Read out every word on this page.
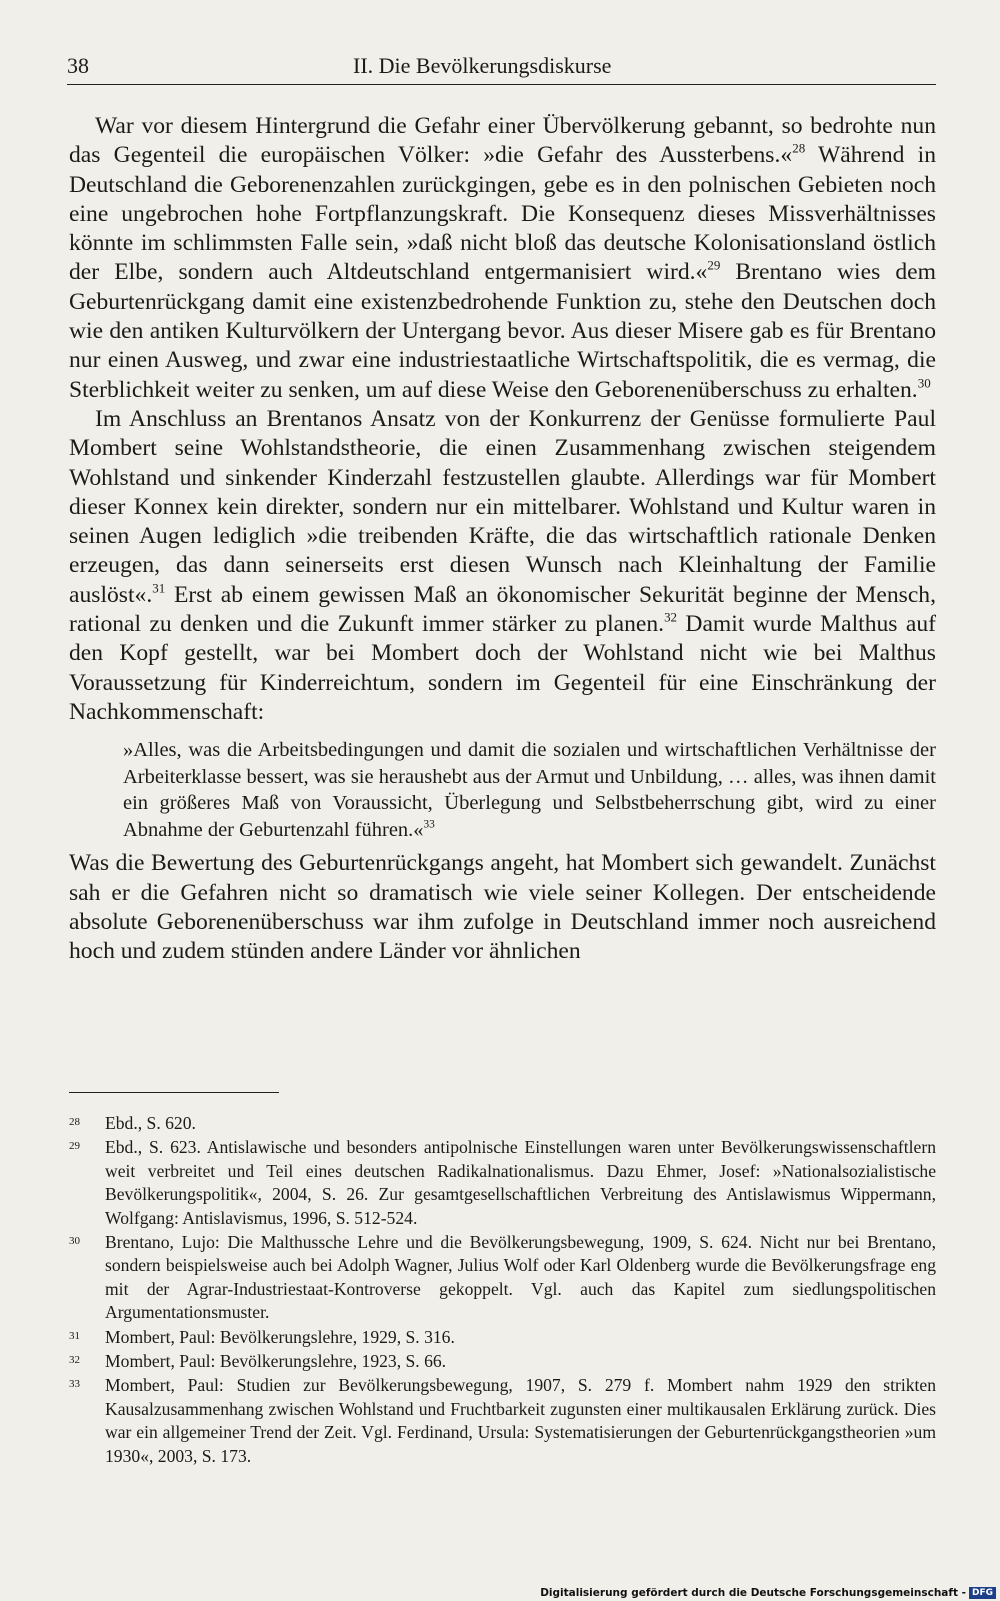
38	II. Die Bevölkerungsdiskurse

War vor diesem Hintergrund die Gefahr einer Übervölkerung gebannt, so bedrohte nun das Gegenteil die europäischen Völker: »die Gefahr des Aussterbens.«$^{28}$ Während in Deutschland die Geborenenzahlen zurückgingen, gebe es in den polnischen Gebieten noch eine ungebrochen hohe Fortpflanzungskraft. Die Konsequenz dieses Missverhältnisses könnte im schlimmsten Falle sein, »daß nicht bloß das deutsche Kolonisationsland östlich der Elbe, sondern auch Altdeutschland entgermanisiert wird.«$^{29}$ Brentano wies dem Geburtenrückgang damit eine existenzbedrohende Funktion zu, stehe den Deutschen doch wie den antiken Kulturvölkern der Untergang bevor. Aus dieser Misere gab es für Brentano nur einen Ausweg, und zwar eine industriestaatliche Wirtschaftspolitik, die es vermag, die Sterblichkeit weiter zu senken, um auf diese Weise den Geborenenüberschuss zu erhalten.$^{30}$

Im Anschluss an Brentanos Ansatz von der Konkurrenz der Genüsse formulierte Paul Mombert seine Wohlstandstheorie, die einen Zusammenhang zwischen steigendem Wohlstand und sinkender Kinderzahl festzustellen glaubte. Allerdings war für Mombert dieser Konnex kein direkter, sondern nur ein mittelbarer. Wohlstand und Kultur waren in seinen Augen lediglich »die treibenden Kräfte, die das wirtschaftlich rationale Denken erzeugen, das dann seinerseits erst diesen Wunsch nach Kleinhaltung der Familie auslöst«.$^{31}$ Erst ab einem gewissen Maß an ökonomischer Sekurität beginne der Mensch, rational zu denken und die Zukunft immer stärker zu planen.$^{32}$ Damit wurde Malthus auf den Kopf gestellt, war bei Mombert doch der Wohlstand nicht wie bei Malthus Voraussetzung für Kinderreichtum, sondern im Gegenteil für eine Einschränkung der Nachkommenschaft:

»Alles, was die Arbeitsbedingungen und damit die sozialen und wirtschaftlichen Verhältnisse der Arbeiterklasse bessert, was sie heraushebt aus der Armut und Unbildung, … alles, was ihnen damit ein größeres Maß von Voraussicht, Überlegung und Selbstbeherrschung gibt, wird zu einer Abnahme der Geburtenzahl führen.«$^{33}$

Was die Bewertung des Geburtenrückgangs angeht, hat Mombert sich gewandelt. Zunächst sah er die Gefahren nicht so dramatisch wie viele seiner Kollegen. Der entscheidende absolute Geborenenüberschuss war ihm zufolge in Deutschland immer noch ausreichend hoch und zudem stünden andere Länder vor ähnlichen

28	Ebd., S. 620.
29	Ebd., S. 623. Antislawische und besonders antipolnische Einstellungen waren unter Bevölkerungswissenschaftlern weit verbreitet und Teil eines deutschen Radikalnationalismus. Dazu Ehmer, Josef: »Nationalsozialistische Bevölkerungspolitik«, 2004, S. 26. Zur gesamtgesellschaftlichen Verbreitung des Antislawismus Wippermann, Wolfgang: Antislavismus, 1996, S. 512-524.
30	Brentano, Lujo: Die Malthussche Lehre und die Bevölkerungsbewegung, 1909, S. 624. Nicht nur bei Brentano, sondern beispielsweise auch bei Adolph Wagner, Julius Wolf oder Karl Oldenberg wurde die Bevölkerungsfrage eng mit der Agrar-Industriestaat-Kontroverse gekoppelt. Vgl. auch das Kapitel zum siedlungspolitischen Argumentationsmuster.
31	Mombert, Paul: Bevölkerungslehre, 1929, S. 316.
32	Mombert, Paul: Bevölkerungslehre, 1923, S. 66.
33	Mombert, Paul: Studien zur Bevölkerungsbewegung, 1907, S. 279 f. Mombert nahm 1929 den strikten Kausalzusammenhang zwischen Wohlstand und Fruchtbarkeit zugunsten einer multikausalen Erklärung zurück. Dies war ein allgemeiner Trend der Zeit. Vgl. Ferdinand, Ursula: Systematisierungen der Geburtenrückgangstheorien »um 1930«, 2003, S. 173.
Digitalisierung gefördert durch die Deutsche Forschungsgemeinschaft - DFG
